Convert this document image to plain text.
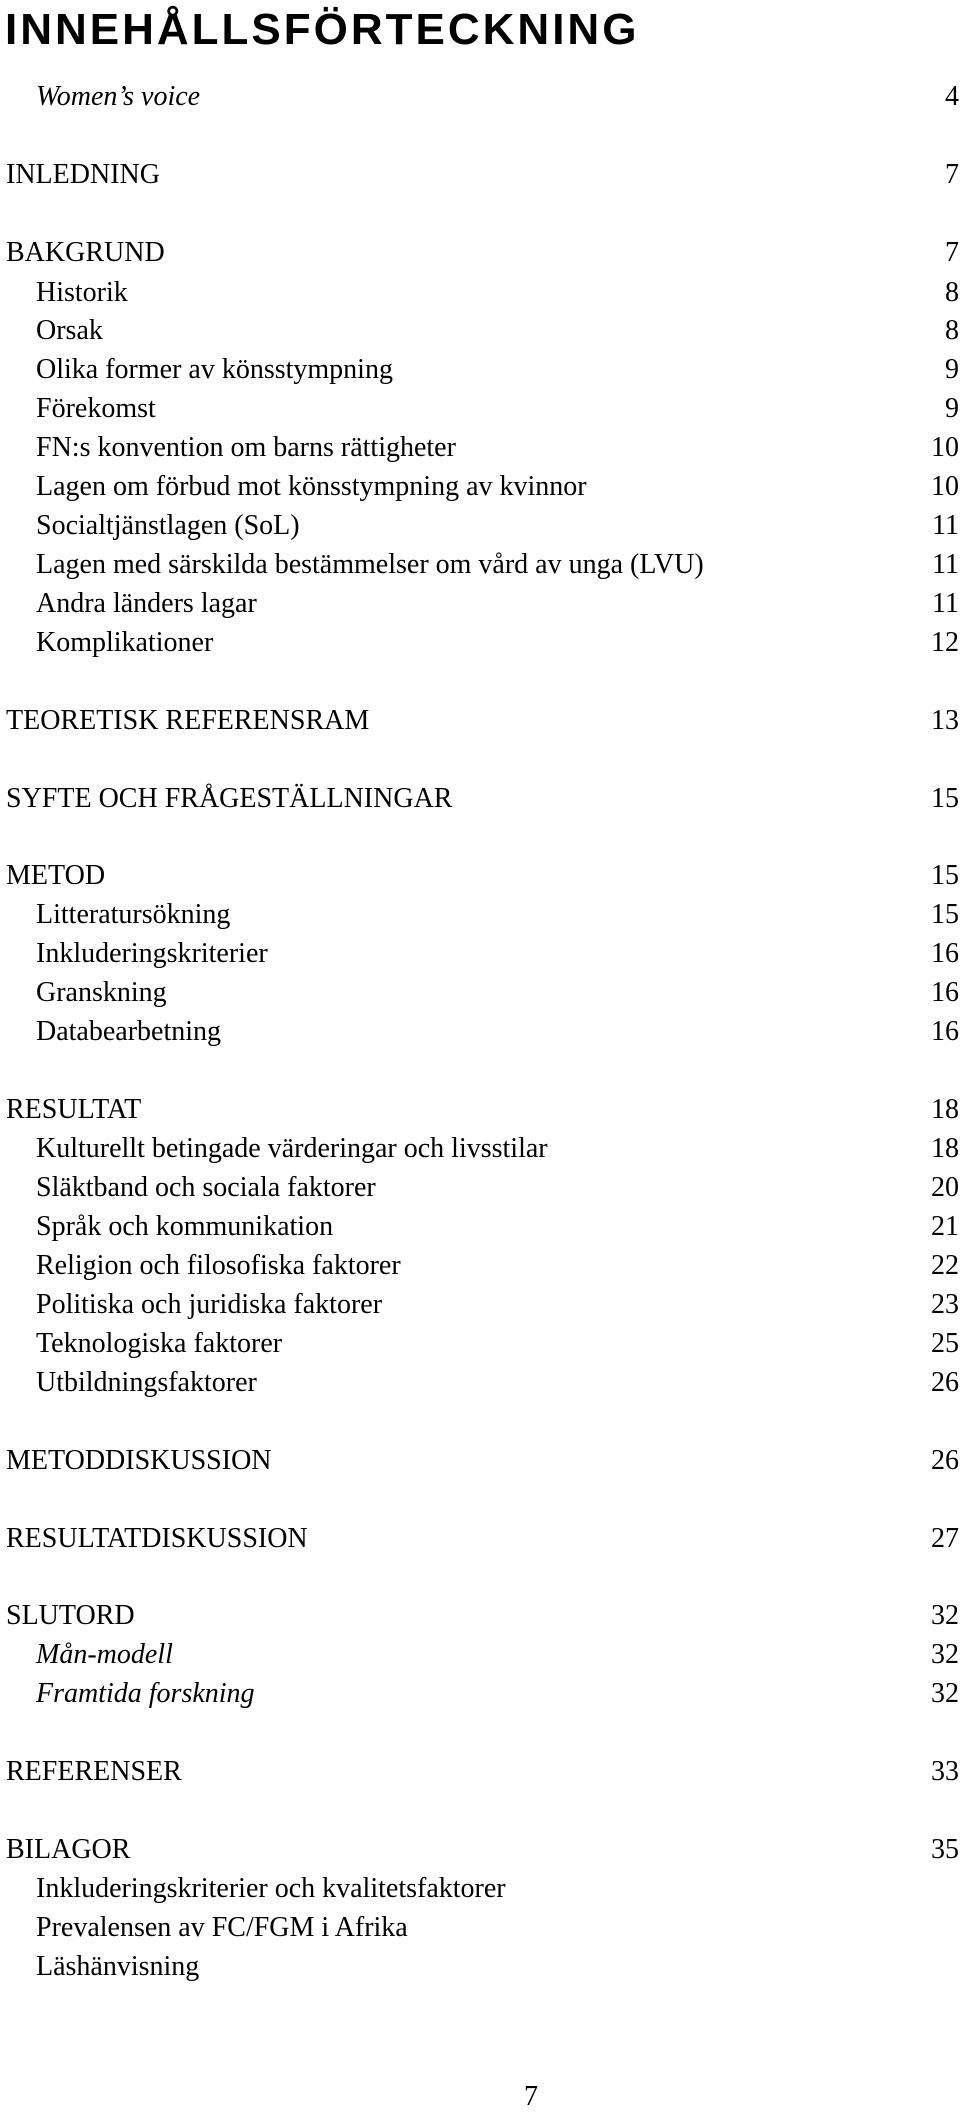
INNEHÅLLSFÖRTECKNING
Women’s voice	4
INLEDNING	7
BAKGRUND	7
Historik	8
Orsak	8
Olika former av könsstympning	9
Förekomst	9
FN:s konvention om barns rättigheter	10
Lagen om förbud mot könsstympning av kvinnor	10
Socialtjänstlagen (SoL)	11
Lagen med särskilda bestämmelser om vård av unga (LVU)	11
Andra länders lagar	11
Komplikationer	12
TEORETISK REFERENSRAM	13
SYFTE OCH FRÅGESTÄLLNINGAR	15
METOD	15
Litteratursökning	15
Inkluderingskriterier	16
Granskning	16
Databearbetning	16
RESULTAT	18
Kulturellt betingade värderingar och livsstilar	18
Släktband och sociala faktorer	20
Språk och kommunikation	21
Religion och filosofiska faktorer	22
Politiska och juridiska faktorer	23
Teknologiska faktorer	25
Utbildningsfaktorer	26
METODDISKUSSION	26
RESULTATDISKUSSION	27
SLUTORD	32
Mån-modell	32
Framtida forskning	32
REFERENSER	33
BILAGOR	35
Inkluderingskriterier och kvalitetsfaktorer
Prevalensen av FC/FGM i Afrika
Läshänvisning
7
